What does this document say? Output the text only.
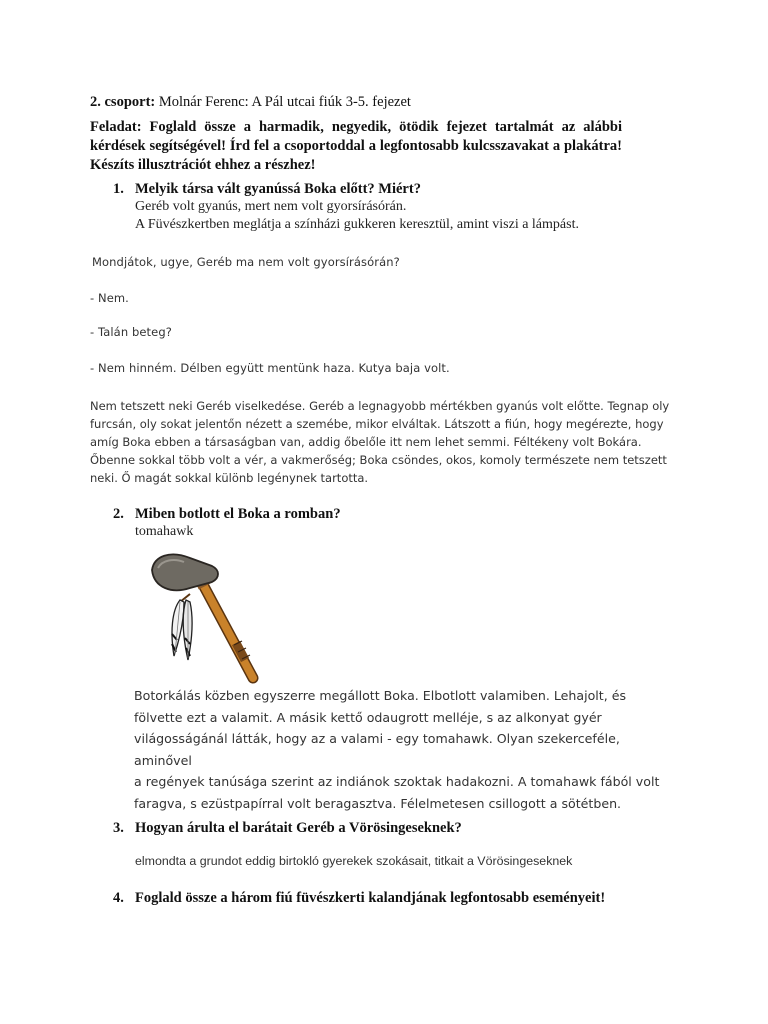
2. csoport: Molnár Ferenc: A Pál utcai fiúk 3-5. fejezet
Feladat: Foglald össze a harmadik, negyedik, ötödik fejezet tartalmát az alábbi kérdések segítségével! Írd fel a csoportoddal a legfontosabb kulcsszavakat a plakátra! Készíts illusztrációt ehhez a részhez!
1. Melyik társa vált gyanússá Boka előtt? Miért?
Geréb volt gyanús, mert nem volt gyorsírásórán.
A Füvészkertben meglátja a színházi gukkeren keresztül, amint viszi a lámpást.
Mondjátok, ugye, Geréb ma nem volt gyorsírásórán?
- Nem.
- Talán beteg?
- Nem hinném. Délben együtt mentünk haza. Kutya baja volt.
Nem tetszett neki Geréb viselkedése. Geréb a legnagyobb mértékben gyanús volt előtte. Tegnap oly
furcsán, oly sokat jelentőn nézett a szemébe, mikor elváltak. Látszott a fiún, hogy megérezte, hogy
amíg Boka ebben a társaságban van, addig őbelőle itt nem lehet semmi. Féltékeny volt Bokára.
Őbenne sokkal több volt a vér, a vakmerőség; Boka csöndes, okos, komoly természete nem tetszett
neki. Ő magát sokkal különb legénynek tartotta.
2. Miben botlott el Boka a romban?
tomahawk
Botorkálás közben egyszerre megállott Boka. Elbotlott valamiben. Lehajolt, és
fölvette ezt a valamit. A másik kettő odaugrott melléje, s az alkonyat gyér
világosságánál látták, hogy az a valami - egy tomahawk. Olyan szekerceféle, aminővel
a regények tanúsága szerint az indiánok szoktak hadakozni. A tomahawk fából volt
faragva, s ezüstpapírral volt beragasztva. Félelmetesen csillogott a sötétben.
3. Hogyan árulta el barátait Geréb a Vörösingeseknek?
elmondta a grundot eddig birtokló gyerekek szokásait, titkait a Vörösingeseknek
4. Foglald össze a három fiú füvészkerti kalandjának legfontosabb eseményeit!
